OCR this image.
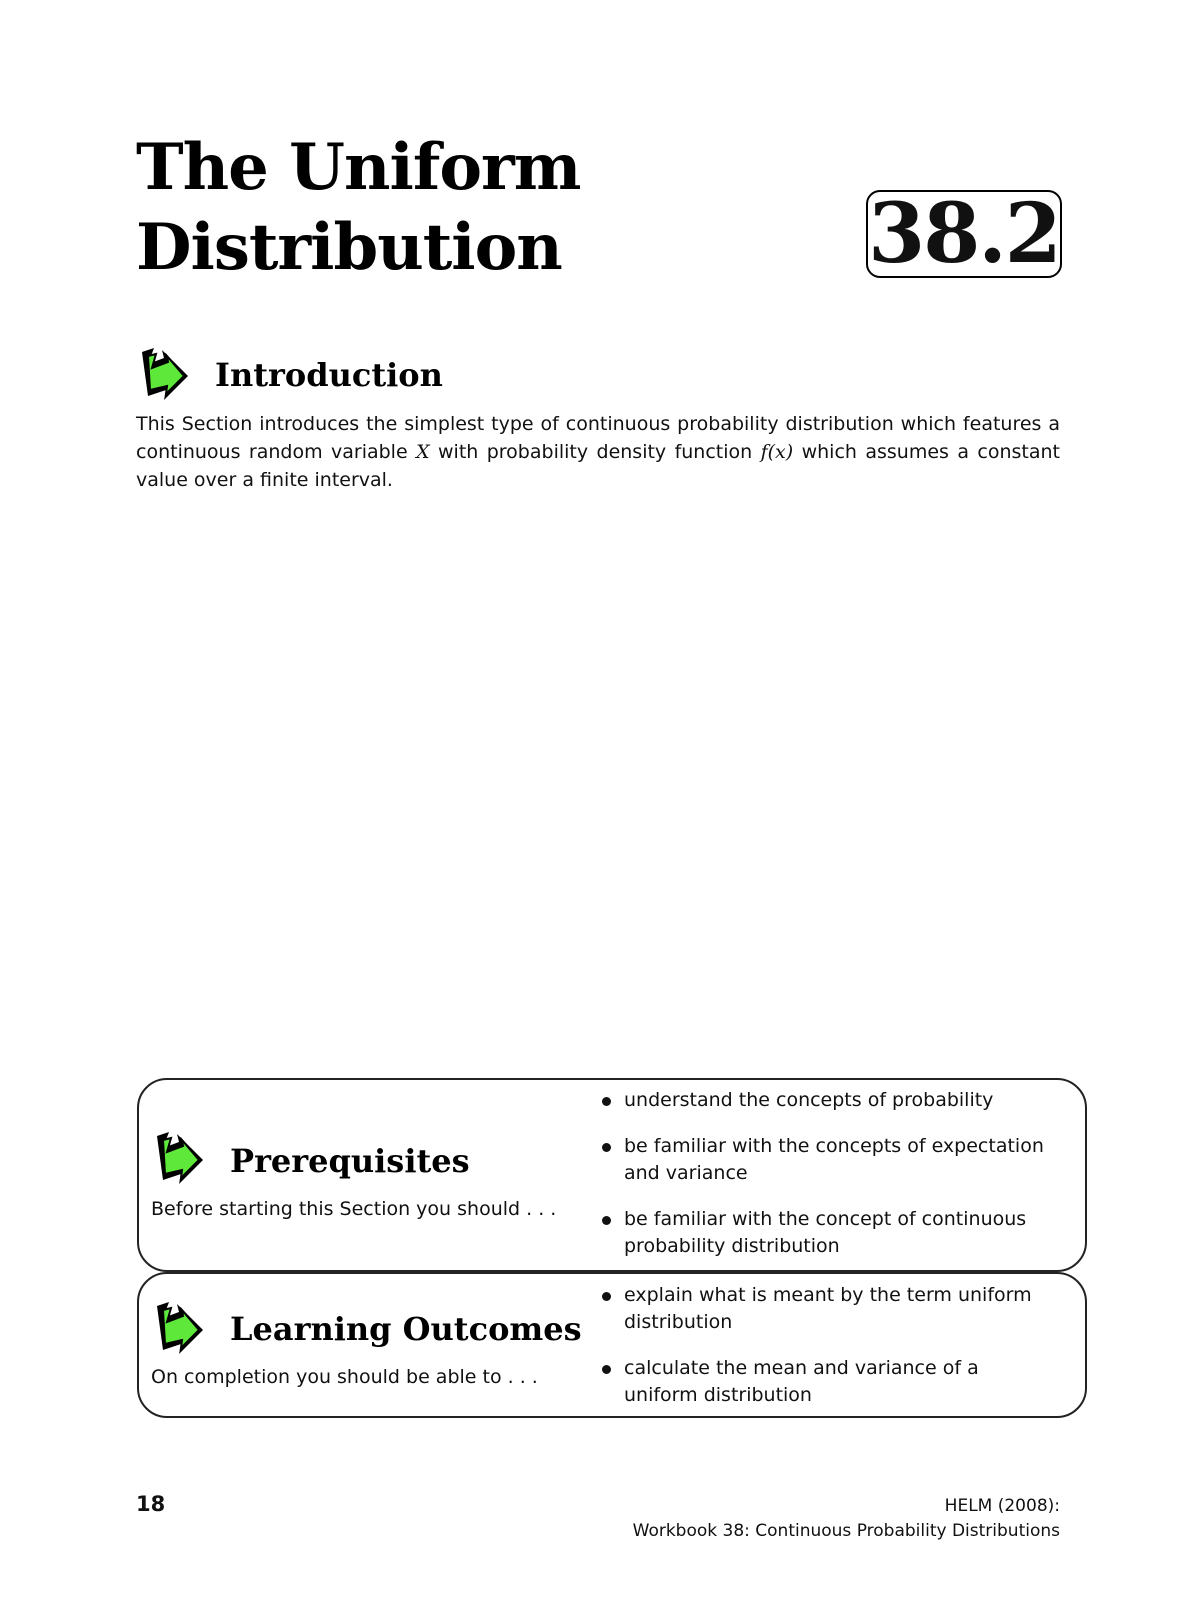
The Uniform
Distribution	38.2
Introduction
This Section introduces the simplest type of continuous probability distribution which features a continuous random variable X with probability density function f(x) which assumes a constant value over a finite interval.
Prerequisites
Before starting this Section you should . . .
understand the concepts of probability
be familiar with the concepts of expectation and variance
be familiar with the concept of continuous probability distribution
Learning Outcomes
On completion you should be able to . . .
explain what is meant by the term uniform distribution
calculate the mean and variance of a uniform distribution
18	HELM (2008):
Workbook 38: Continuous Probability Distributions
